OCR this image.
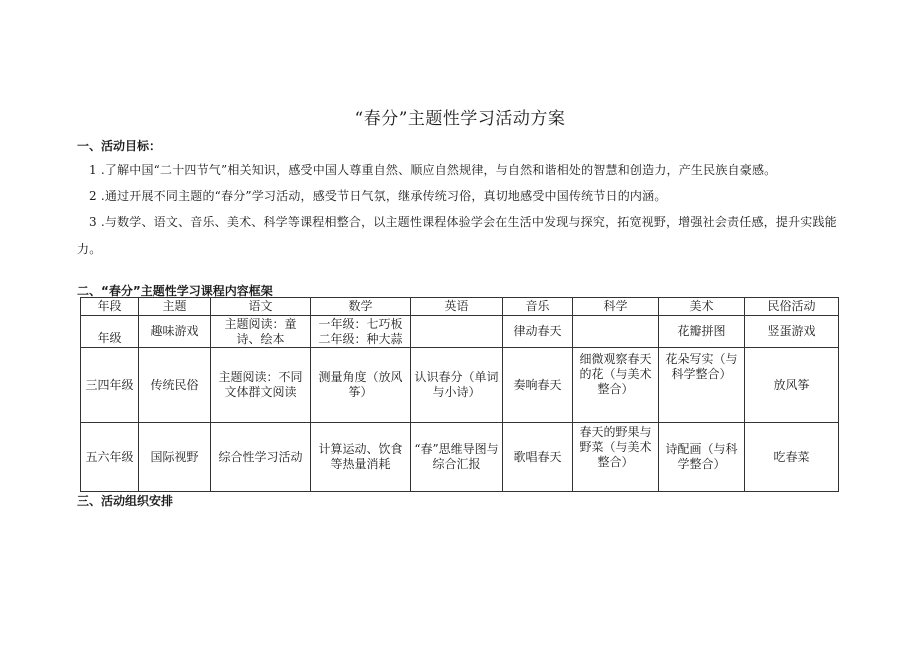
“春分”主题性学习活动方案
一、活动目标：
1 .了解中国“二十四节气”相关知识，感受中国人尊重自然、顺应自然规律，与自然和谐相处的智慧和创造力，产生民族自豪感。
2 .通过开展不同主题的“春分”学习活动，感受节日气氛，继承传统习俗，真切地感受中国传统节日的内涵。
3 .与数学、语文、音乐、美术、科学等课程相整合，以主题性课程体验学会在生活中发现与探究，拓宽视野，增强社会责任感，提升实践能力。
二、“春分”主题性学习课程内容框架
年段	主题	语文	数学	英语	音乐	科学	美术	民俗活动
年级	趣味游戏	主题阅读：童诗、绘本	一年级：七巧板二年级：种大蒜		律动春天		花瓣拼图	竖蛋游戏
三四年级	传统民俗	主题阅读：不同文体群文阅读	测量角度（放风筝）	认识春分（单词与小诗）	奏响春天	细微观察春天的花（与美术整合）	花朵写实（与科学整合）	放风筝
五六年级	国际视野	综合性学习活动	计算运动、饮食等热量消耗	“春”思维导图与综合汇报	歌唱春天	春天的野果与野菜（与美术整合）	诗配画（与科学整合）	吃春菜
三、活动组织安排
